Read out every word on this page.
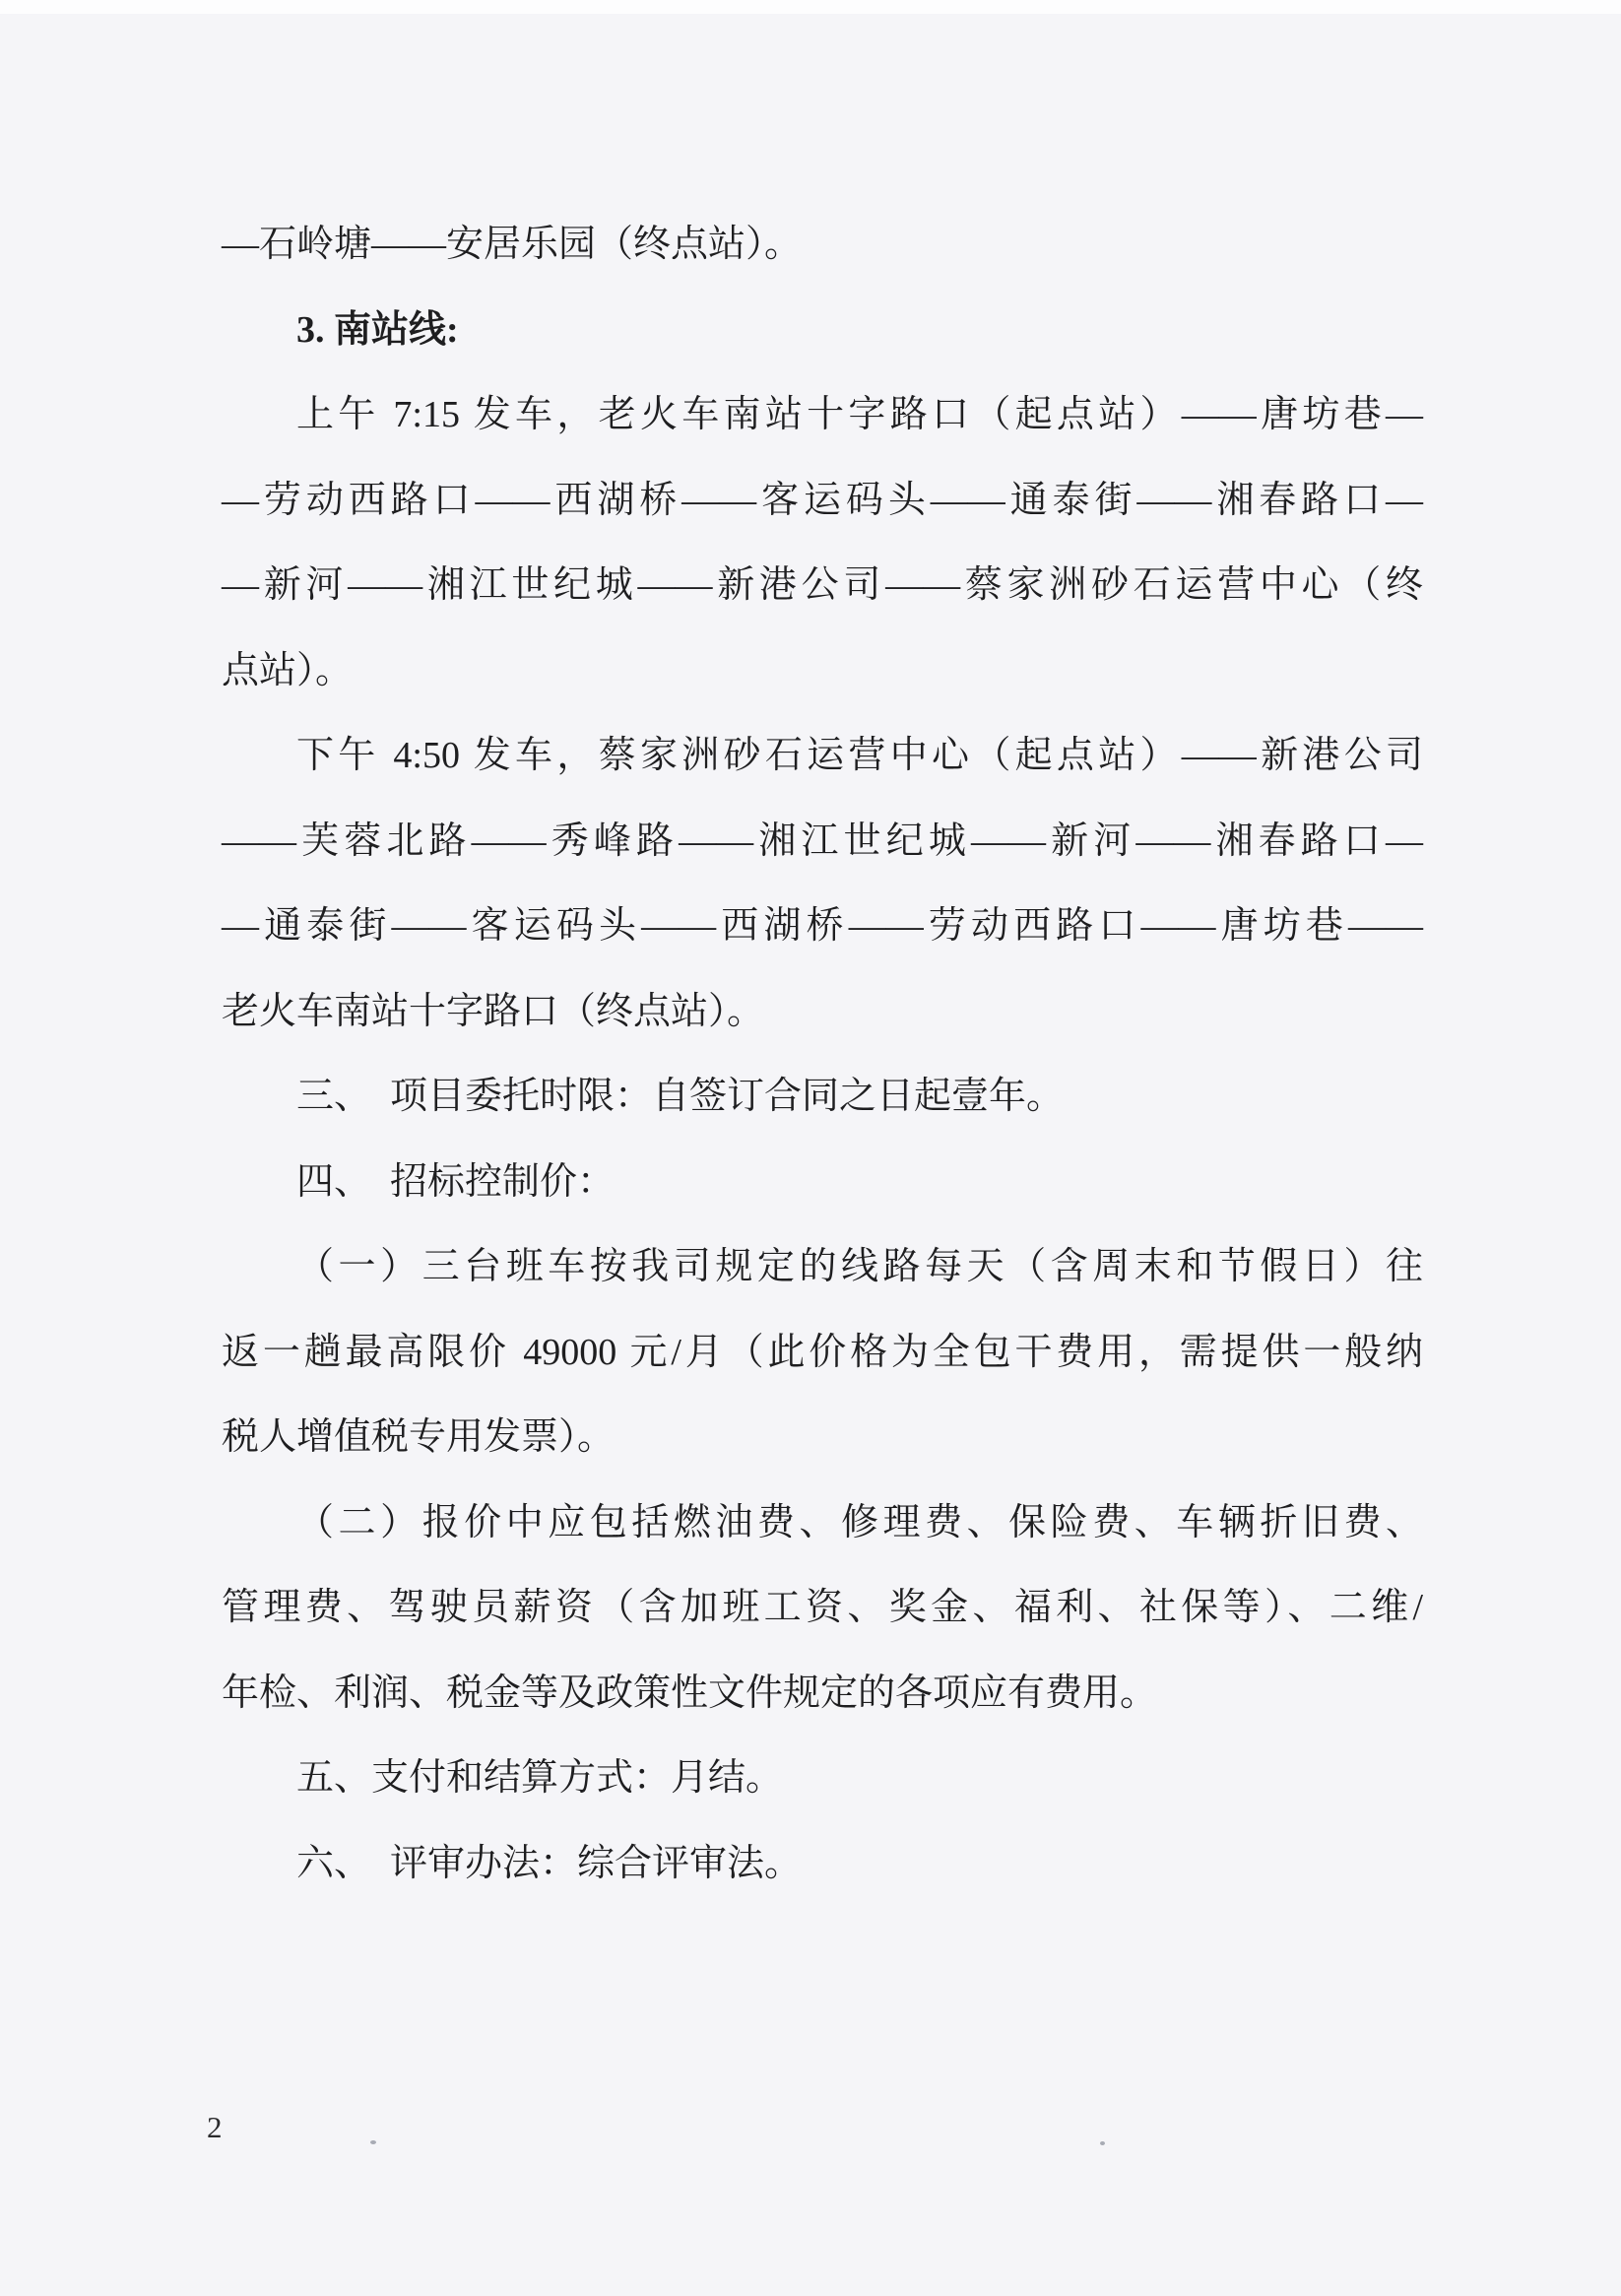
—石岭塘——安居乐园（终点站）。
3. 南站线:
上午 7:15 发车，老火车南站十字路口（起点站）——唐坊巷—
—劳动西路口——西湖桥——客运码头——通泰街——湘春路口—
—新河——湘江世纪城——新港公司——蔡家洲砂石运营中心（终
点站）。
下午 4:50 发车，蔡家洲砂石运营中心（起点站）——新港公司
——芙蓉北路——秀峰路——湘江世纪城——新河——湘春路口—
—通泰街——客运码头——西湖桥——劳动西路口——唐坊巷——
老火车南站十字路口（终点站）。
三、　项目委托时限：自签订合同之日起壹年。
四、　招标控制价：
（一）三台班车按我司规定的线路每天（含周末和节假日）往
返一趟最高限价 49000 元/月（此价格为全包干费用，需提供一般纳
税人增值税专用发票）。
（二）报价中应包括燃油费、修理费、保险费、车辆折旧费、
管理费、驾驶员薪资（含加班工资、奖金、福利、社保等）、二维/
年检、利润、税金等及政策性文件规定的各项应有费用。
五、支付和结算方式：月结。
六、　评审办法：综合评审法。
2
